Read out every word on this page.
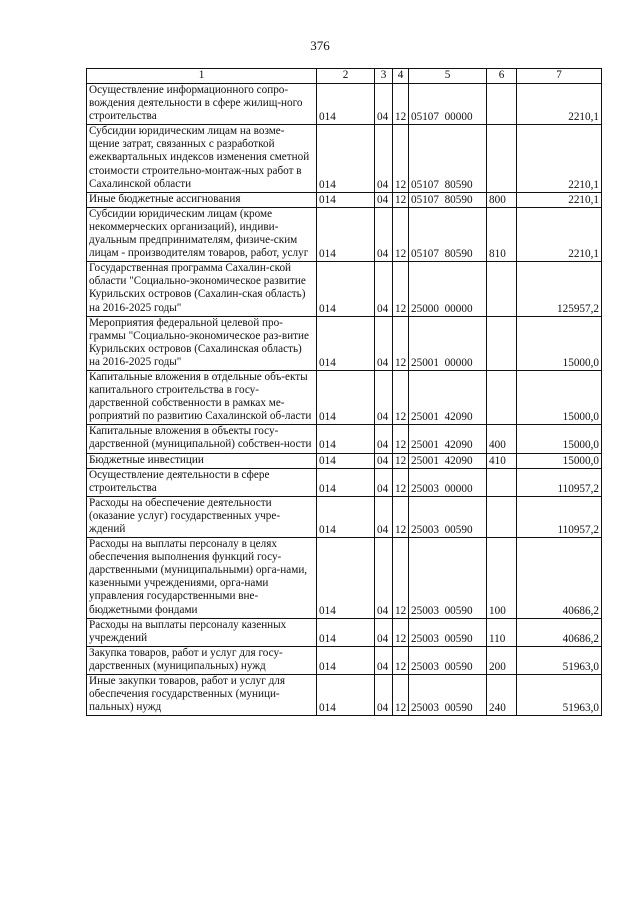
376
1	2	3	4	5	6	7
Осуществление информационного сопро-вождения деятельности в сфере жилищ-ного строительства	014	04	12	05107  00000		2210,1
Субсидии юридическим лицам на возме-щение затрат, связанных с разработкой ежеквартальных индексов изменения сметной стоимости строительно-монтаж-ных работ в Сахалинской области	014	04	12	05107  80590		2210,1
Иные бюджетные ассигнования	014	04	12	05107  80590	800	2210,1
Субсидии юридическим лицам (кроме некоммерческих организаций), индиви-дуальным предпринимателям, физиче-ским лицам - производителям товаров, работ, услуг	014	04	12	05107  80590	810	2210,1
Государственная программа Сахалин-ской области "Социально-экономическое развитие Курильских островов (Сахалин-ская область) на 2016-2025 годы"	014	04	12	25000  00000		125957,2
Мероприятия федеральной целевой про-граммы "Социально-экономическое раз-витие Курильских островов (Сахалинская область) на 2016-2025 годы"	014	04	12	25001  00000		15000,0
Капитальные вложения в отдельные объ-екты капитального строительства в госу-дарственной собственности в рамках ме-роприятий по развитию Сахалинской об-ласти	014	04	12	25001  42090		15000,0
Капитальные вложения в объекты госу-дарственной (муниципальной) собствен-ности	014	04	12	25001  42090	400	15000,0
Бюджетные инвестиции	014	04	12	25001  42090	410	15000,0
Осуществление деятельности в сфере строительства	014	04	12	25003  00000		110957,2
Расходы на обеспечение деятельности (оказание услуг) государственных учре-ждений	014	04	12	25003  00590		110957,2
Расходы на выплаты персоналу в целях обеспечения выполнения функций госу-дарственными (муниципальными) орга-нами, казенными учреждениями, орга-нами управления государственными вне-бюджетными фондами	014	04	12	25003  00590	100	40686,2
Расходы на выплаты персоналу казенных учреждений	014	04	12	25003  00590	110	40686,2
Закупка товаров, работ и услуг для госу-дарственных (муниципальных) нужд	014	04	12	25003  00590	200	51963,0
Иные закупки товаров, работ и услуг для обеспечения государственных (муници-пальных) нужд	014	04	12	25003  00590	240	51963,0
